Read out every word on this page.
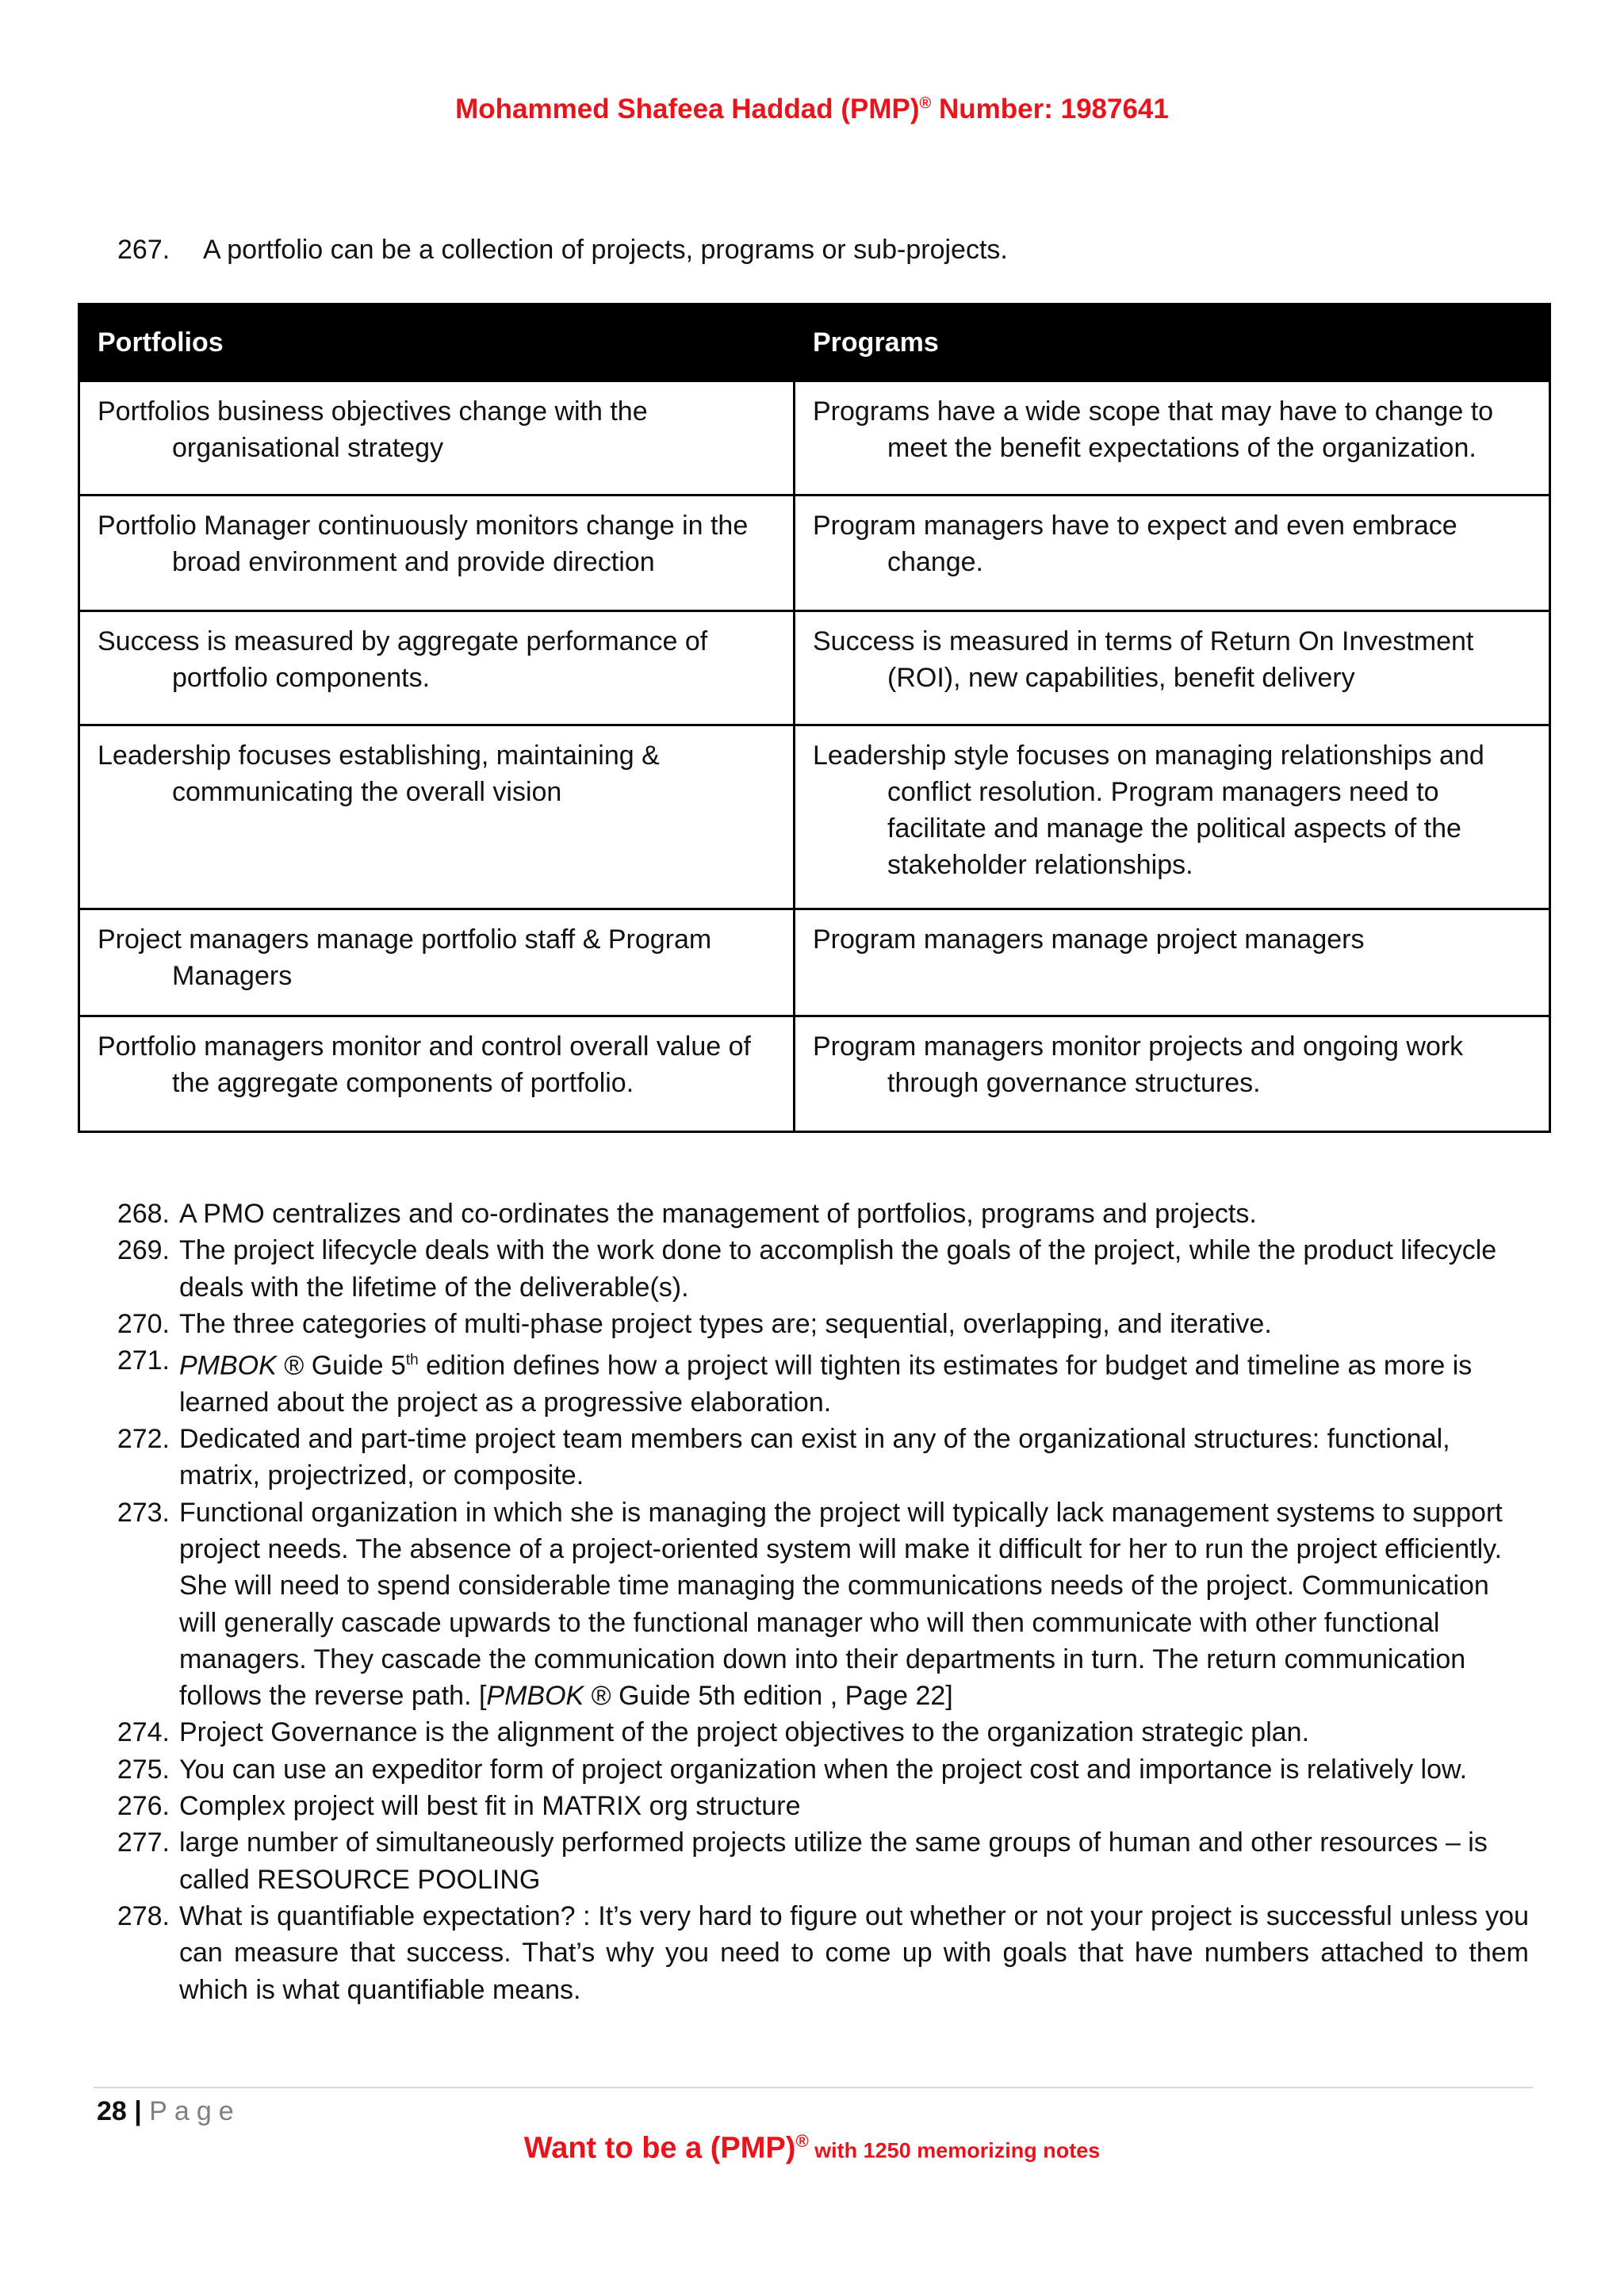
Mohammed Shafeea Haddad (PMP)® Number: 1987641
267. A portfolio can be a collection of projects, programs or sub-projects.
Portfolios	Programs

Portfolios business objectives change with the organisational strategy	Programs have a wide scope that may have to change to meet the benefit expectations of the organization.

Portfolio Manager continuously monitors change in the broad environment and provide direction	Program managers have to expect and even embrace change.

Success is measured by aggregate performance of portfolio components.	Success is measured in terms of Return On Investment (ROI), new capabilities, benefit delivery

Leadership focuses establishing, maintaining & communicating the overall vision	Leadership style focuses on managing relationships and conflict resolution. Program managers need to facilitate and manage the political aspects of the stakeholder relationships.

Project managers manage portfolio staff & Program Managers	Program managers manage project managers

Portfolio managers monitor and control overall value of the aggregate components of portfolio.	Program managers monitor projects and ongoing work through governance structures.
268. A PMO centralizes and co-ordinates the management of portfolios, programs and projects.
269. The project lifecycle deals with the work done to accomplish the goals of the project, while the product lifecycle deals with the lifetime of the deliverable(s).
270. The three categories of multi-phase project types are; sequential, overlapping, and iterative.
271. PMBOK ® Guide 5th edition defines how a project will tighten its estimates for budget and timeline as more is learned about the project as a progressive elaboration.
272. Dedicated and part-time project team members can exist in any of the organizational structures: functional, matrix, projectrized, or composite.
273. Functional organization in which she is managing the project will typically lack management systems to support project needs. The absence of a project-oriented system will make it difficult for her to run the project efficiently. She will need to spend considerable time managing the communications needs of the project. Communication will generally cascade upwards to the functional manager who will then communicate with other functional managers. They cascade the communication down into their departments in turn. The return communication follows the reverse path. [PMBOK ® Guide 5th edition , Page 22]
274. Project Governance is the alignment of the project objectives to the organization strategic plan.
275. You can use an expeditor form of project organization when the project cost and importance is relatively low.
276. Complex project will best fit in MATRIX org structure
277. large number of simultaneously performed projects utilize the same groups of human and other resources – is called RESOURCE POOLING
278. What is quantifiable expectation? : It’s very hard to figure out whether or not your project is successful unless you can measure that success. That’s why you need to come up with goals that have numbers attached to them which is what quantifiable means.
28 | Page
Want to be a (PMP)® with 1250 memorizing notes
